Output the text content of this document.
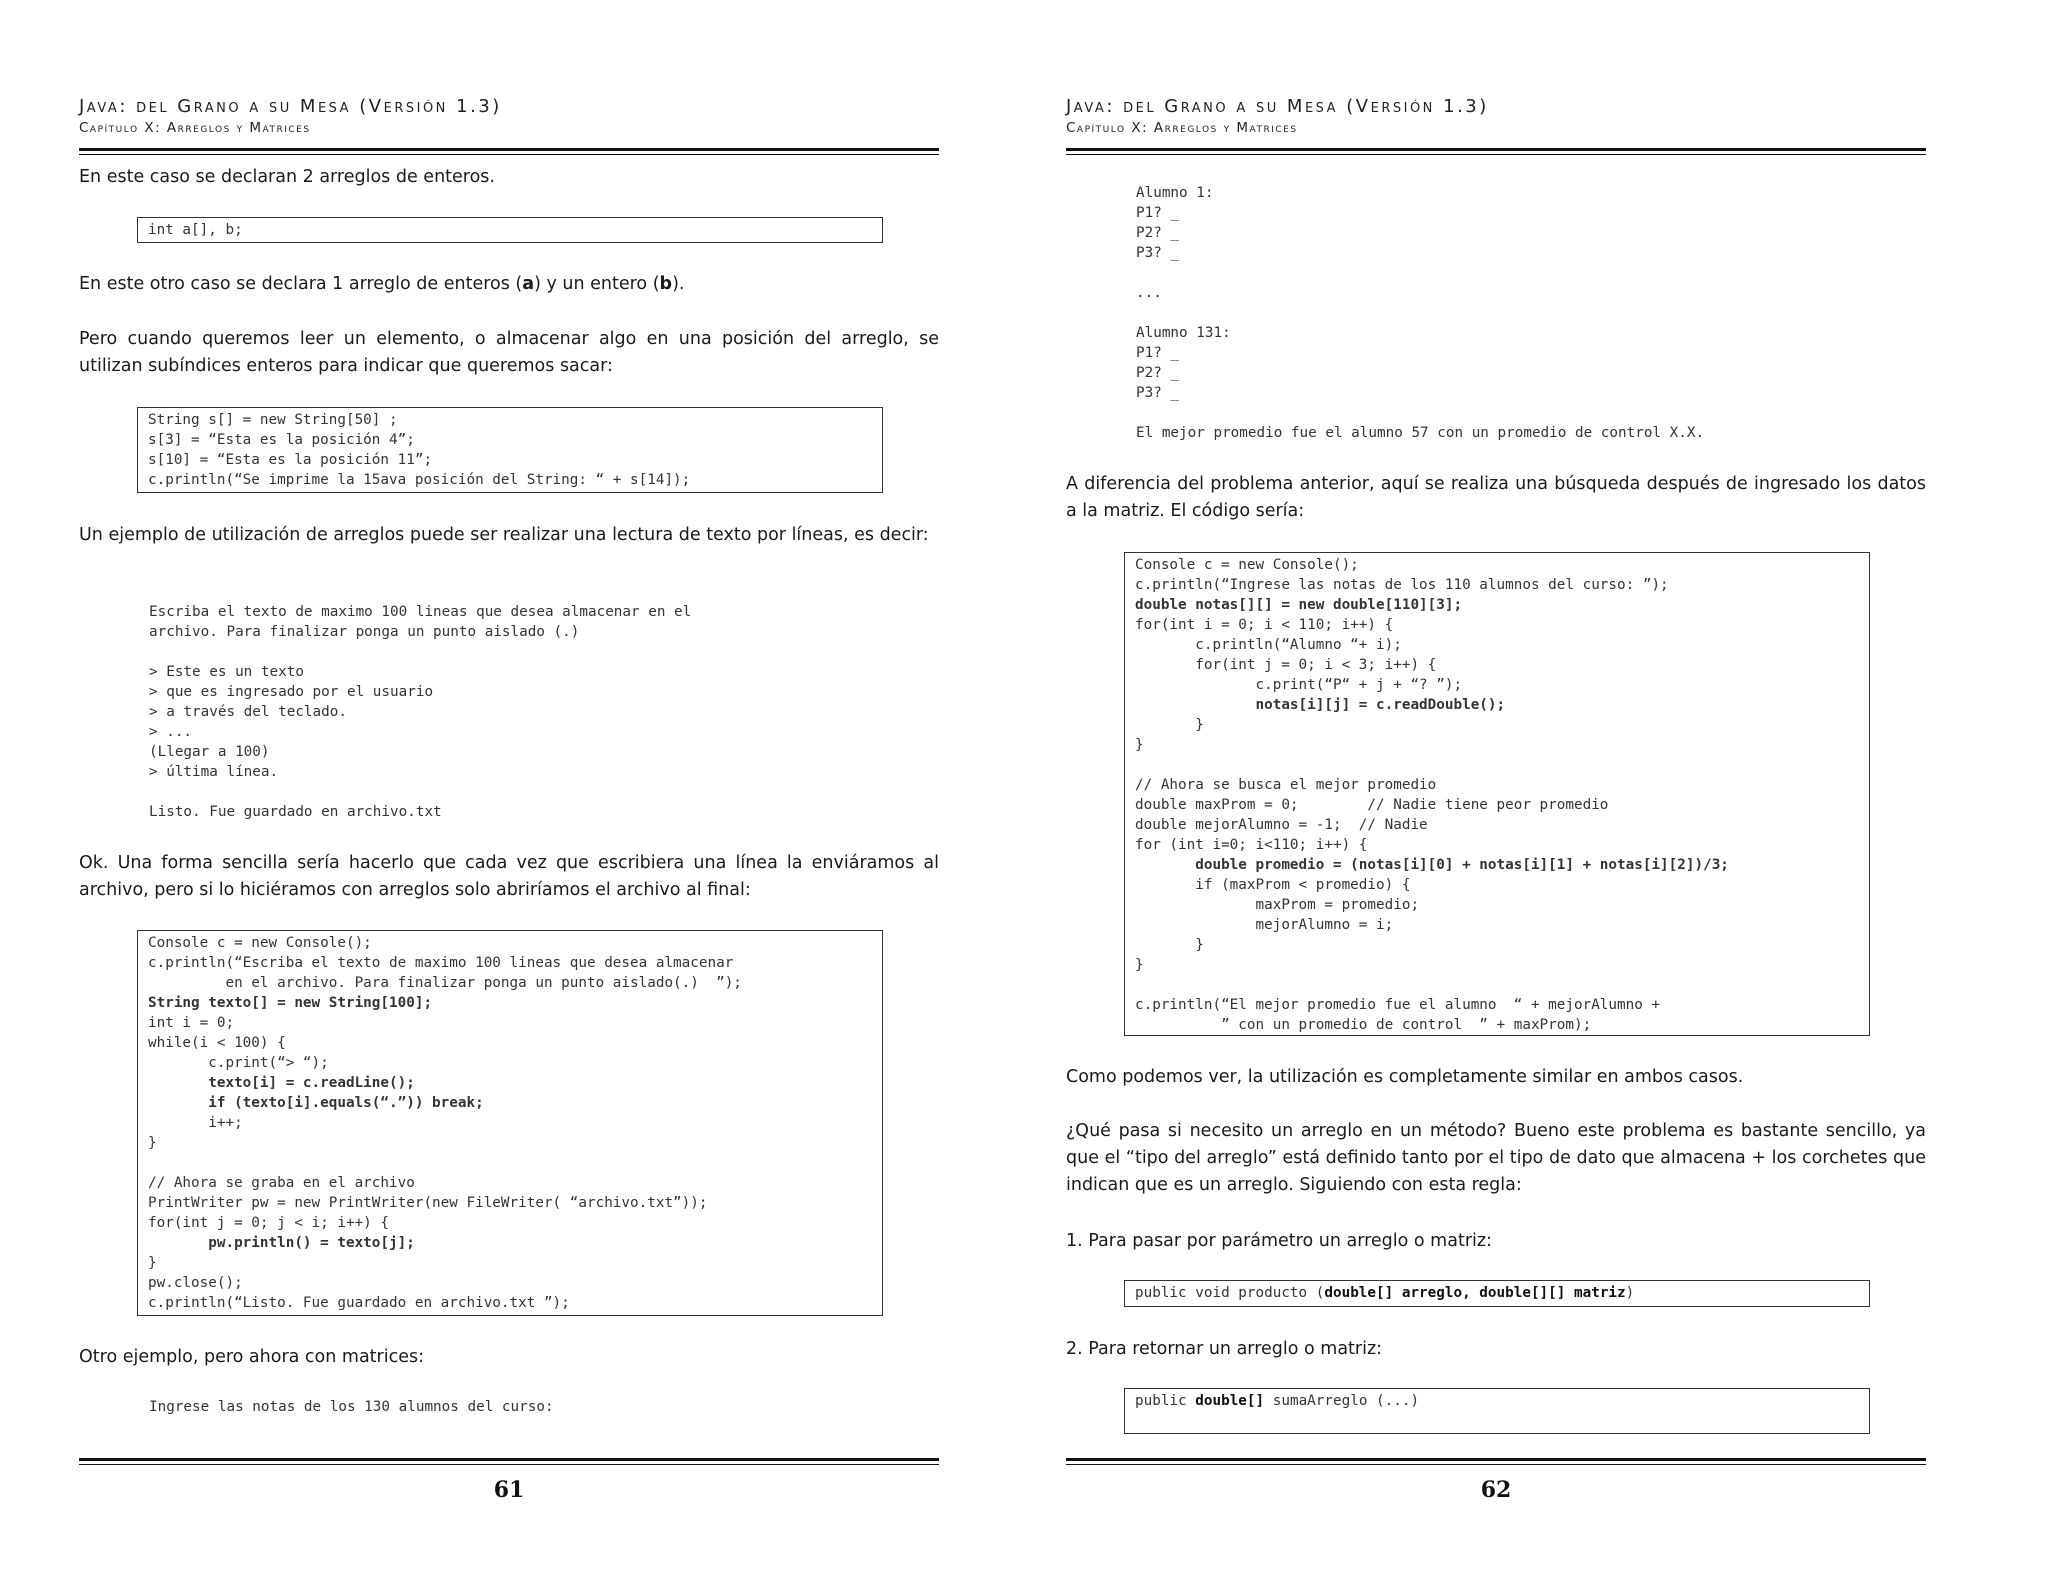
Java: del Grano a su Mesa (Versión 1.3)
Capítulo X: Arreglos y Matrices
En este caso se declaran 2 arreglos de enteros.
int a[], b;
En este otro caso se declara 1 arreglo de enteros (a) y un entero (b).
Pero cuando queremos leer un elemento, o almacenar algo en una posición del arreglo, se utilizan subíndices enteros para indicar que queremos sacar:
String s[] = new String[50] ;
s[3] = “Esta es la posición 4”;
s[10] = “Esta es la posición 11”;
c.println(“Se imprime la 15ava posición del String: “ + s[14]);
Un ejemplo de utilización de arreglos puede ser realizar una lectura de texto por líneas, es decir:
Escriba el texto de maximo 100 lineas que desea almacenar en el
archivo. Para finalizar ponga un punto aislado (.)

> Este es un texto
> que es ingresado por el usuario
> a través del teclado.
> ...
(Llegar a 100)
> última línea.

Listo. Fue guardado en archivo.txt
Ok. Una forma sencilla sería hacerlo que cada vez que escribiera una línea la enviáramos al archivo, pero si lo hiciéramos con arreglos solo abriríamos el archivo al final:
Console c = new Console();
c.println(“Escriba el texto de maximo 100 lineas que desea almacenar
en el archivo. Para finalizar ponga un punto aislado(.)  ”);
String texto[] = new String[100];
int i = 0;
while(i < 100) {
c.print(“> “);
texto[i] = c.readLine();
if (texto[i].equals(“.”)) break;
i++;
}

// Ahora se graba en el archivo
PrintWriter pw = new PrintWriter(new FileWriter( “archivo.txt”));
for(int j = 0; j < i; i++) {
pw.println() = texto[j];
}
pw.close();
c.println(“Listo. Fue guardado en archivo.txt ”);
Otro ejemplo, pero ahora con matrices:
Ingrese las notas de los 130 alumnos del curso:
61
Java: del Grano a su Mesa (Versión 1.3)
Capítulo X: Arreglos y Matrices
Alumno 1:
P1? _
P2? _
P3? _

...

Alumno 131:
P1? _
P2? _
P3? _

El mejor promedio fue el alumno 57 con un promedio de control X.X.
A diferencia del problema anterior, aquí se realiza una búsqueda después de ingresado los datos a la matriz. El código sería:
Console c = new Console();
c.println(“Ingrese las notas de los 110 alumnos del curso: ”);
double notas[][] = new double[110][3];
for(int i = 0; i < 110; i++) {
c.println(“Alumno “+ i);
for(int j = 0; i < 3; i++) {
c.print(“P“ + j + “? ”);
notas[i][j] = c.readDouble();
}
}

// Ahora se busca el mejor promedio
double maxProm = 0;        // Nadie tiene peor promedio
double mejorAlumno = -1;  // Nadie
for (int i=0; i<110; i++) {
double promedio = (notas[i][0] + notas[i][1] + notas[i][2])/3;
if (maxProm < promedio) {
maxProm = promedio;
mejorAlumno = i;
}
}

c.println(“El mejor promedio fue el alumno  “ + mejorAlumno +
” con un promedio de control  ” + maxProm);
Como podemos ver, la utilización es completamente similar en ambos casos.
¿Qué pasa si necesito un arreglo en un método? Bueno este problema es bastante sencillo, ya que el “tipo del arreglo” está definido tanto por el tipo de dato que almacena + los corchetes que indican que es un arreglo. Siguiendo con esta regla:
1. Para pasar por parámetro un arreglo o matriz:
public void producto (double[] arreglo, double[][] matriz)
2. Para retornar un arreglo o matriz:
public double[] sumaArreglo (...)
62
